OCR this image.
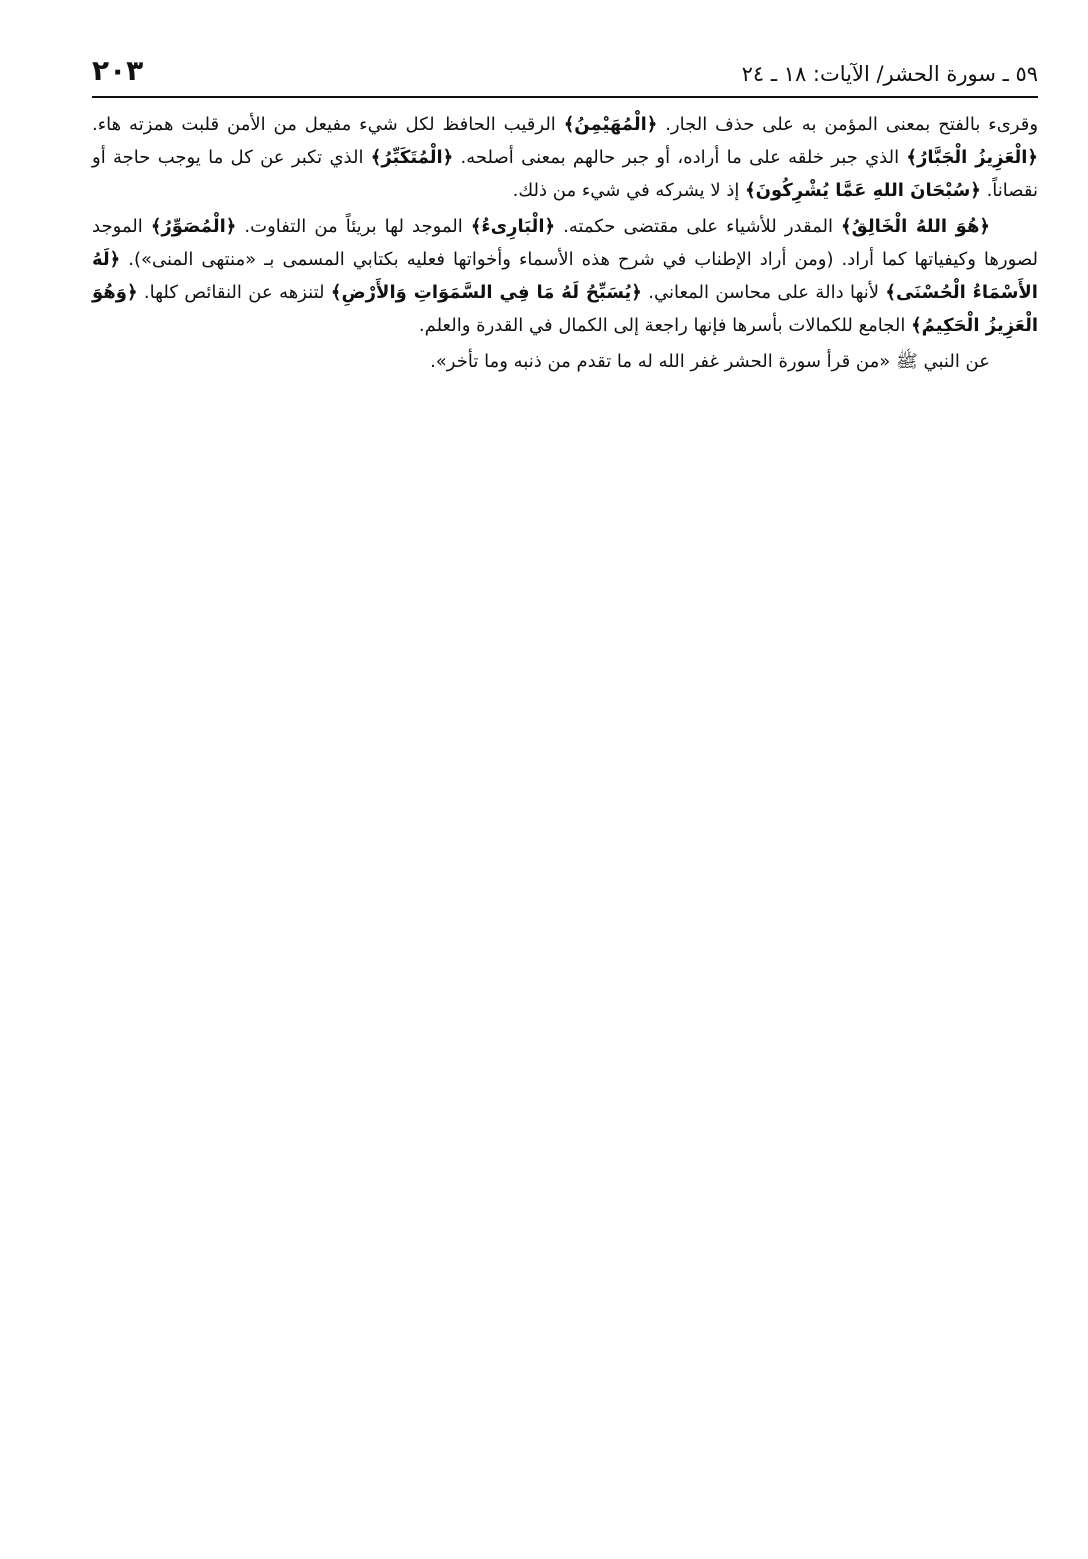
٥٩ ـ سورة الحشر/ الآيات: ١٨ ـ ٢٤
٢٠٣

وقرىء بالفتح بمعنى المؤمن به على حذف الجار. ﴿الْمُهَيْمِنُ﴾ الرقيب الحافظ لكل شيء مفيعل من الأمن قلبت همزته هاء. ﴿الْعَزِيزُ الْجَبَّارُ﴾ الذي جبر خلقه على ما أراده، أو جبر حالهم بمعنى أصلحه. ﴿الْمُتَكَبِّرُ﴾ الذي تكبر عن كل ما يوجب حاجة أو نقصاناً. ﴿سُبْحَانَ اللهِ عَمَّا يُشْرِكُونَ﴾ إذ لا يشركه في شيء من ذلك.

﴿هُوَ اللهُ الْخَالِقُ﴾ المقدر للأشياء على مقتضى حكمته. ﴿الْبَارِىءُ﴾ الموجد لها بريئاً من التفاوت. ﴿الْمُصَوِّرُ﴾ الموجد لصورها وكيفياتها كما أراد. (ومن أراد الإطناب في شرح هذه الأسماء وأخواتها فعليه بكتابي المسمى بـ «منتهى المنى»). ﴿لَهُ الأَسْمَاءُ الْحُسْنَى﴾ لأنها دالة على محاسن المعاني. ﴿يُسَبِّحُ لَهُ مَا فِي السَّمَوَاتِ وَالأَرْضِ﴾ لتنزهه عن النقائص كلها. ﴿وَهُوَ الْعَزِيزُ الْحَكِيمُ﴾ الجامع للكمالات بأسرها فإنها راجعة إلى الكمال في القدرة والعلم.

عن النبي ﷺ «من قرأ سورة الحشر غفر الله له ما تقدم من ذنبه وما تأخر».
